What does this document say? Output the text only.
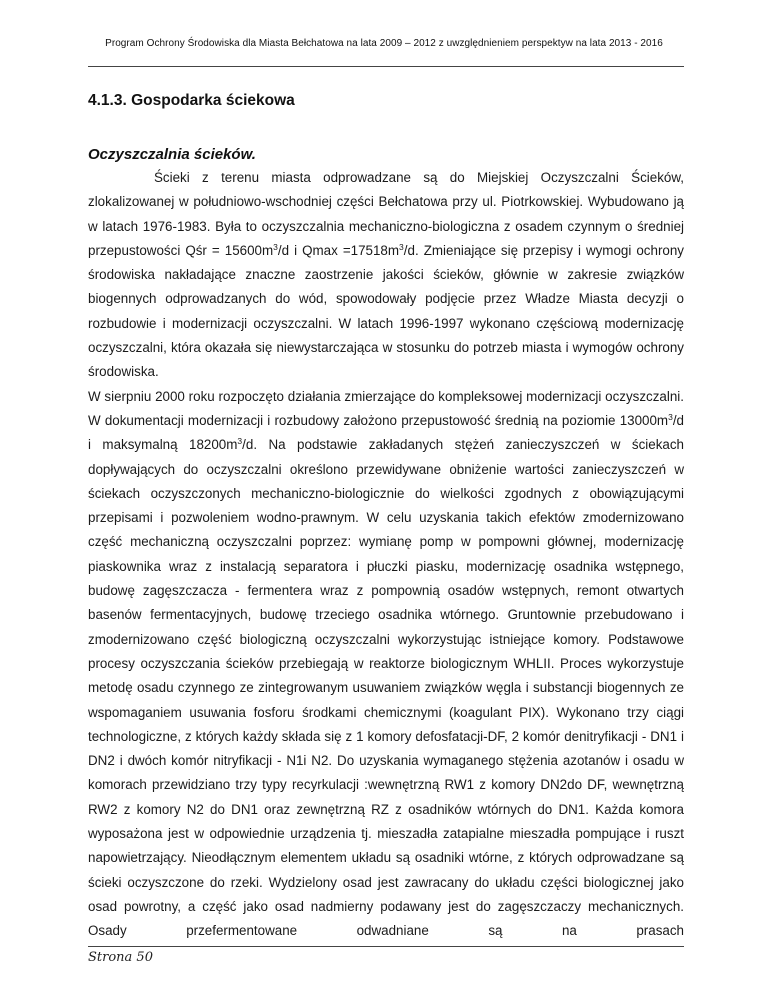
Program Ochrony Środowiska dla Miasta Bełchatowa na lata 2009 – 2012 z uwzględnieniem perspektyw na lata 2013 - 2016
4.1.3. Gospodarka ściekowa
Oczyszczalnia ścieków.

Ścieki z terenu miasta odprowadzane są do Miejskiej Oczyszczalni Ścieków, zlokalizowanej w południowo-wschodniej części Bełchatowa przy ul. Piotrkowskiej. Wybudowano ją w latach 1976-1983. Była to oczyszczalnia mechaniczno-biologiczna z osadem czynnym o średniej przepustowości Qśr = $15600m^3/d$ i $Qmax =17518m^3/d$. Zmieniające się przepisy i wymogi ochrony środowiska nakładające znaczne zaostrzenie jakości ścieków, głównie w zakresie związków biogennych odprowadzanych do wód, spowodowały podjęcie przez Władze Miasta decyzji o rozbudowie i modernizacji oczyszczalni. W latach 1996-1997 wykonano częściową modernizację oczyszczalni, która okazała się niewystarczająca w stosunku do potrzeb miasta i wymogów ochrony środowiska.

W sierpniu 2000 roku rozpoczęto działania zmierzające do kompleksowej modernizacji oczyszczalni. W dokumentacji modernizacji i rozbudowy założono przepustowość średnią na poziomie $13000m^3/d$ i maksymalną $18200m^3/d$. Na podstawie zakładanych stężeń zanieczyszczeń w ściekach dopływających do oczyszczalni określono przewidywane obniżenie wartości zanieczyszczeń w ściekach oczyszczonych mechaniczno-biologicznie do wielkości zgodnych z obowiązującymi przepisami i pozwoleniem wodno-prawnym. W celu uzyskania takich efektów zmodernizowano część mechaniczną oczyszczalni poprzez: wymianę pomp w pompowni głównej, modernizację piaskownika wraz z instalacją separatora i płuczki piasku, modernizację osadnika wstępnego, budowę zagęszczacza - fermentera wraz z pompownią osadów wstępnych, remont otwartych basenów fermentacyjnych, budowę trzeciego osadnika wtórnego. Gruntownie przebudowano i zmodernizowano część biologiczną oczyszczalni wykorzystując istniejące komory. Podstawowe procesy oczyszczania ścieków przebiegają w reaktorze biologicznym WHLII. Proces wykorzystuje metodę osadu czynnego ze zintegrowanym usuwaniem związków węgla i substancji biogennych ze wspomaganiem usuwania fosforu środkami chemicznymi (koagulant PIX). Wykonano trzy ciągi technologiczne, z których każdy składa się z 1 komory defosfatacji-DF, 2 komór denitryfikacji - DN1 i DN2 i dwóch komór nitryfikacji - N1i N2. Do uzyskania wymaganego stężenia azotanów i osadu w komorach przewidziano trzy typy recyrkulacji :wewnętrzną RW1 z komory DN2do DF, wewnętrzną RW2 z komory N2 do DN1 oraz zewnętrzną RZ z osadników wtórnych do DN1. Każda komora wyposażona jest w odpowiednie urządzenia tj. mieszadła zatapialne mieszadła pompujące i ruszt napowietrzający. Nieodłącznym elementem układu są osadniki wtórne, z których odprowadzane są ścieki oczyszczone do rzeki. Wydzielony osad jest zawracany do układu części biologicznej jako osad powrotny, a część jako osad nadmierny podawany jest do zagęszczaczy mechanicznych. Osady przefermentowane odwadniane są na prasach

Strona 50
